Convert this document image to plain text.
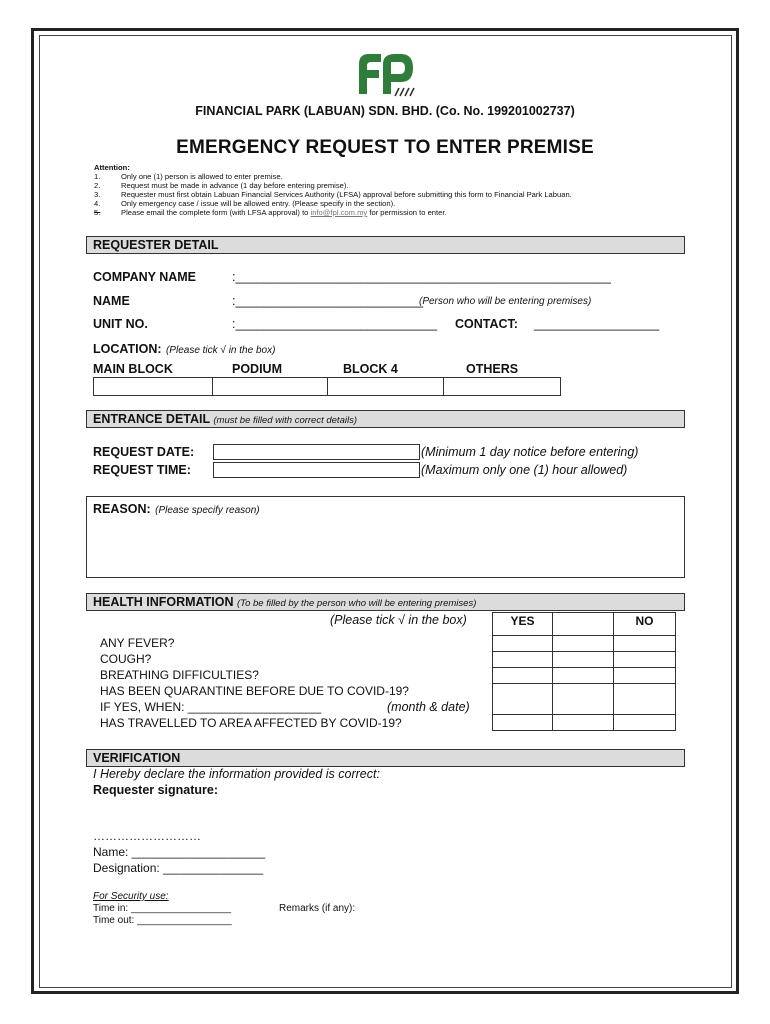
FINANCIAL PARK (LABUAN) SDN. BHD. (Co. No. 199201002737)
EMERGENCY REQUEST TO ENTER PREMISE
Attention:
1.	Only one (1) person is allowed to enter premise.
2.	Request must be made in advance (1 day before entering premise).
3.	Requester must first obtain Labuan Financial Services Authority (LFSA) approval before submitting this form to Financial Park Labuan.
4.	Only emergency case / issue will be allowed entry. (Please specify in the section).
5.	Please email the complete form (with LFSA approval) to info@fpl.com.my for permission to enter.
REQUESTER DETAIL
COMPANY NAME	:______________________________________________________
NAME	:___________________________
(Person who will be entering premises)
UNIT NO.	:_____________________________ CONTACT: __________________
LOCATION: (Please tick √ in the box)
MAIN BLOCK	PODIUM	BLOCK 4	OTHERS
ENTRANCE DETAIL (must be filled with correct details)
REQUEST DATE:	(Minimum 1 day notice before entering)
REQUEST TIME:	(Maximum only one (1) hour allowed)
REASON: (Please specify reason)
HEALTH INFORMATION (To be filled by the person who will be entering premises)
(Please tick √ in the box)	YES	NO
ANY FEVER?
COUGH?
BREATHING DIFFICULTIES?
HAS BEEN QUARANTINE BEFORE DUE TO COVID-19?
IF YES, WHEN: ____________________	(month & date)
HAS TRAVELLED TO AREA AFFECTED BY COVID-19?
VERIFICATION
I Hereby declare the information provided is correct:
Requester signature:
………………………
Name: ____________________
Designation: _______________
For Security use:
Time in: __________________
Time out: _________________
Remarks (if any):
